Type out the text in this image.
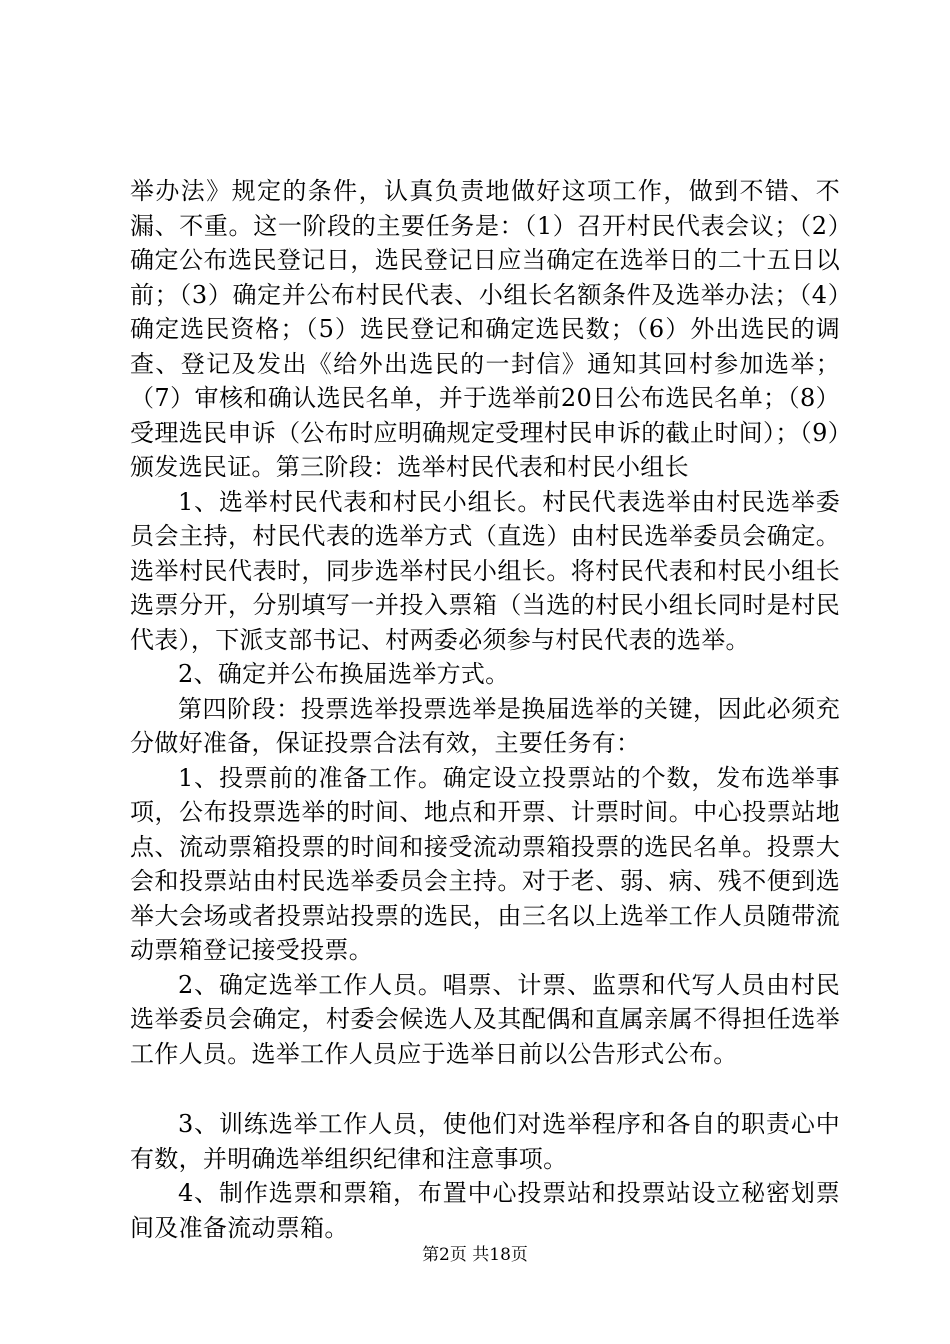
举办法》规定的条件，认真负责地做好这项工作，做到不错、不漏、不重。这一阶段的主要任务是：（1）召开村民代表会议；（2）确定公布选民登记日，选民登记日应当确定在选举日的二十五日以前；（3）确定并公布村民代表、小组长名额条件及选举办法；（4）确定选民资格；（5）选民登记和确定选民数；（6）外出选民的调查、登记及发出《给外出选民的一封信》通知其回村参加选举；（7）审核和确认选民名单，并于选举前20日公布选民名单；（8）受理选民申诉（公布时应明确规定受理村民申诉的截止时间）；（9）颁发选民证。第三阶段：选举村民代表和村民小组长

1、选举村民代表和村民小组长。村民代表选举由村民选举委员会主持，村民代表的选举方式（直选）由村民选举委员会确定。选举村民代表时，同步选举村民小组长。将村民代表和村民小组长选票分开，分别填写一并投入票箱（当选的村民小组长同时是村民代表），下派支部书记、村两委必须参与村民代表的选举。

2、确定并公布换届选举方式。

第四阶段：投票选举投票选举是换届选举的关键，因此必须充分做好准备，保证投票合法有效，主要任务有：

1、投票前的准备工作。确定设立投票站的个数，发布选举事项，公布投票选举的时间、地点和开票、计票时间。中心投票站地点、流动票箱投票的时间和接受流动票箱投票的选民名单。投票大会和投票站由村民选举委员会主持。对于老、弱、病、残不便到选举大会场或者投票站投票的选民，由三名以上选举工作人员随带流动票箱登记接受投票。

2、确定选举工作人员。唱票、计票、监票和代写人员由村民选举委员会确定，村委会候选人及其配偶和直属亲属不得担任选举工作人员。选举工作人员应于选举日前以公告形式公布。

3、训练选举工作人员，使他们对选举程序和各自的职责心中有数，并明确选举组织纪律和注意事项。

4、制作选票和票箱，布置中心投票站和投票站设立秘密划票间及准备流动票箱。

第2页 共18页
